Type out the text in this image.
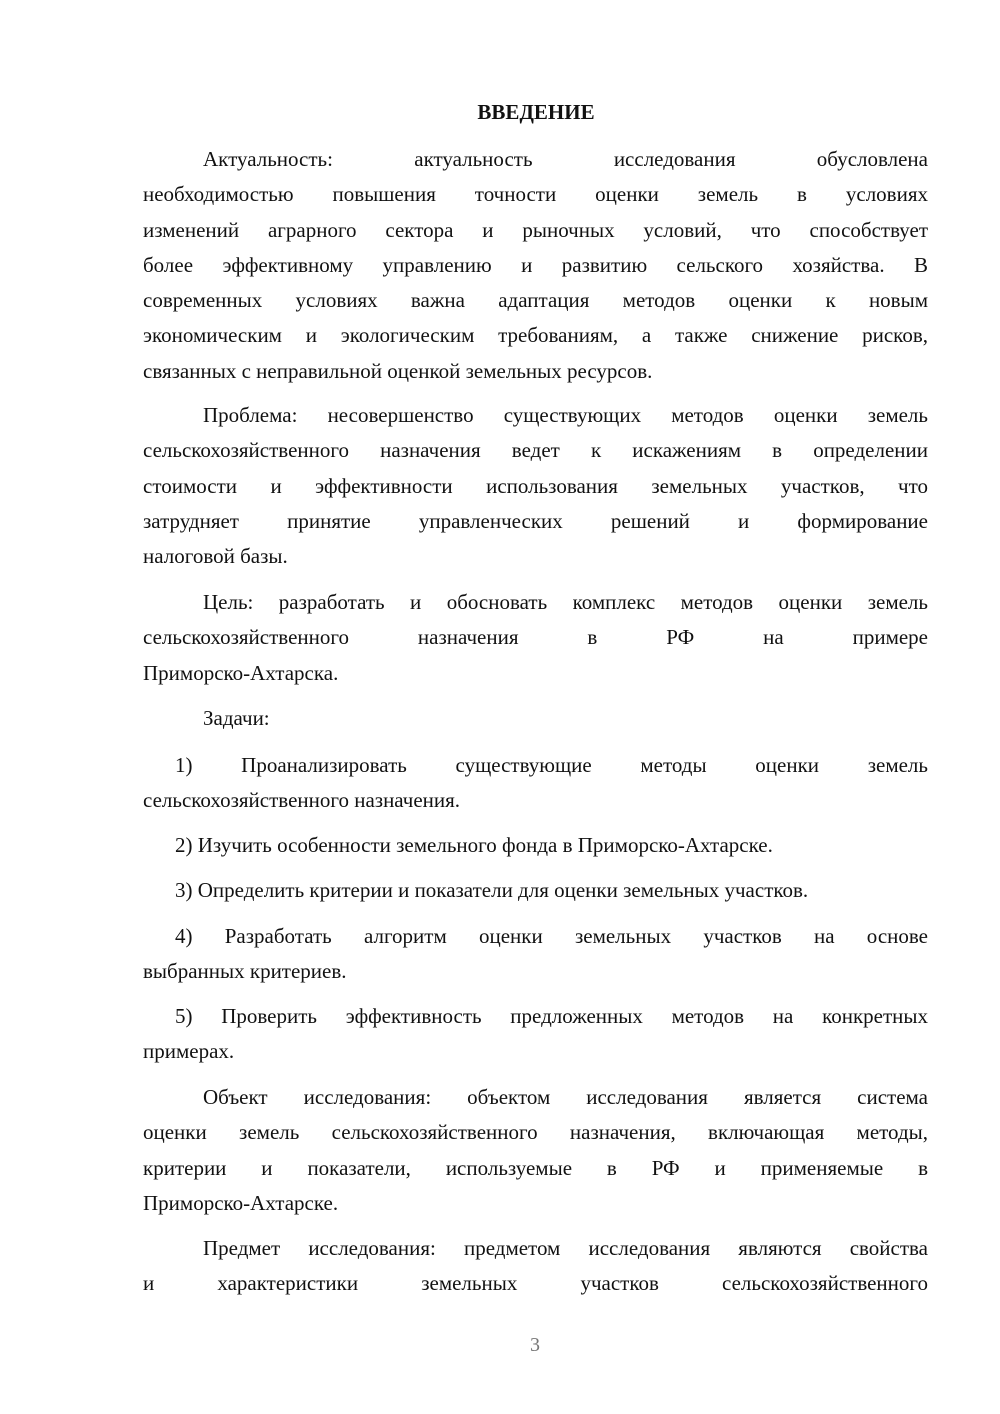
ВВЕДЕНИЕ
Актуальность: актуальность исследования обусловлена
необходимостью повышения точности оценки земель в условиях
изменений аграрного сектора и рыночных условий, что способствует
более эффективному управлению и развитию сельского хозяйства. В
современных условиях важна адаптация методов оценки к новым
экономическим и экологическим требованиям, а также снижение рисков,
связанных с неправильной оценкой земельных ресурсов.
Проблема: несовершенство существующих методов оценки земель
сельскохозяйственного назначения ведет к искажениям в определении
стоимости и эффективности использования земельных участков, что
затрудняет принятие управленческих решений и формирование
налоговой базы.
Цель: разработать и обосновать комплекс методов оценки земель
сельскохозяйственного назначения в РФ на примере
Приморско-Ахтарска.
Задачи:
1) Проанализировать существующие методы оценки земель
сельскохозяйственного назначения.
2) Изучить особенности земельного фонда в Приморско-Ахтарске.
3) Определить критерии и показатели для оценки земельных участков.
4) Разработать алгоритм оценки земельных участков на основе
выбранных критериев.
5) Проверить эффективность предложенных методов на конкретных
примерах.
Объект исследования: объектом исследования является система
оценки земель сельскохозяйственного назначения, включающая методы,
критерии и показатели, используемые в РФ и применяемые в
Приморско-Ахтарске.
Предмет исследования: предметом исследования являются свойства
и характеристики земельных участков сельскохозяйственного
3
